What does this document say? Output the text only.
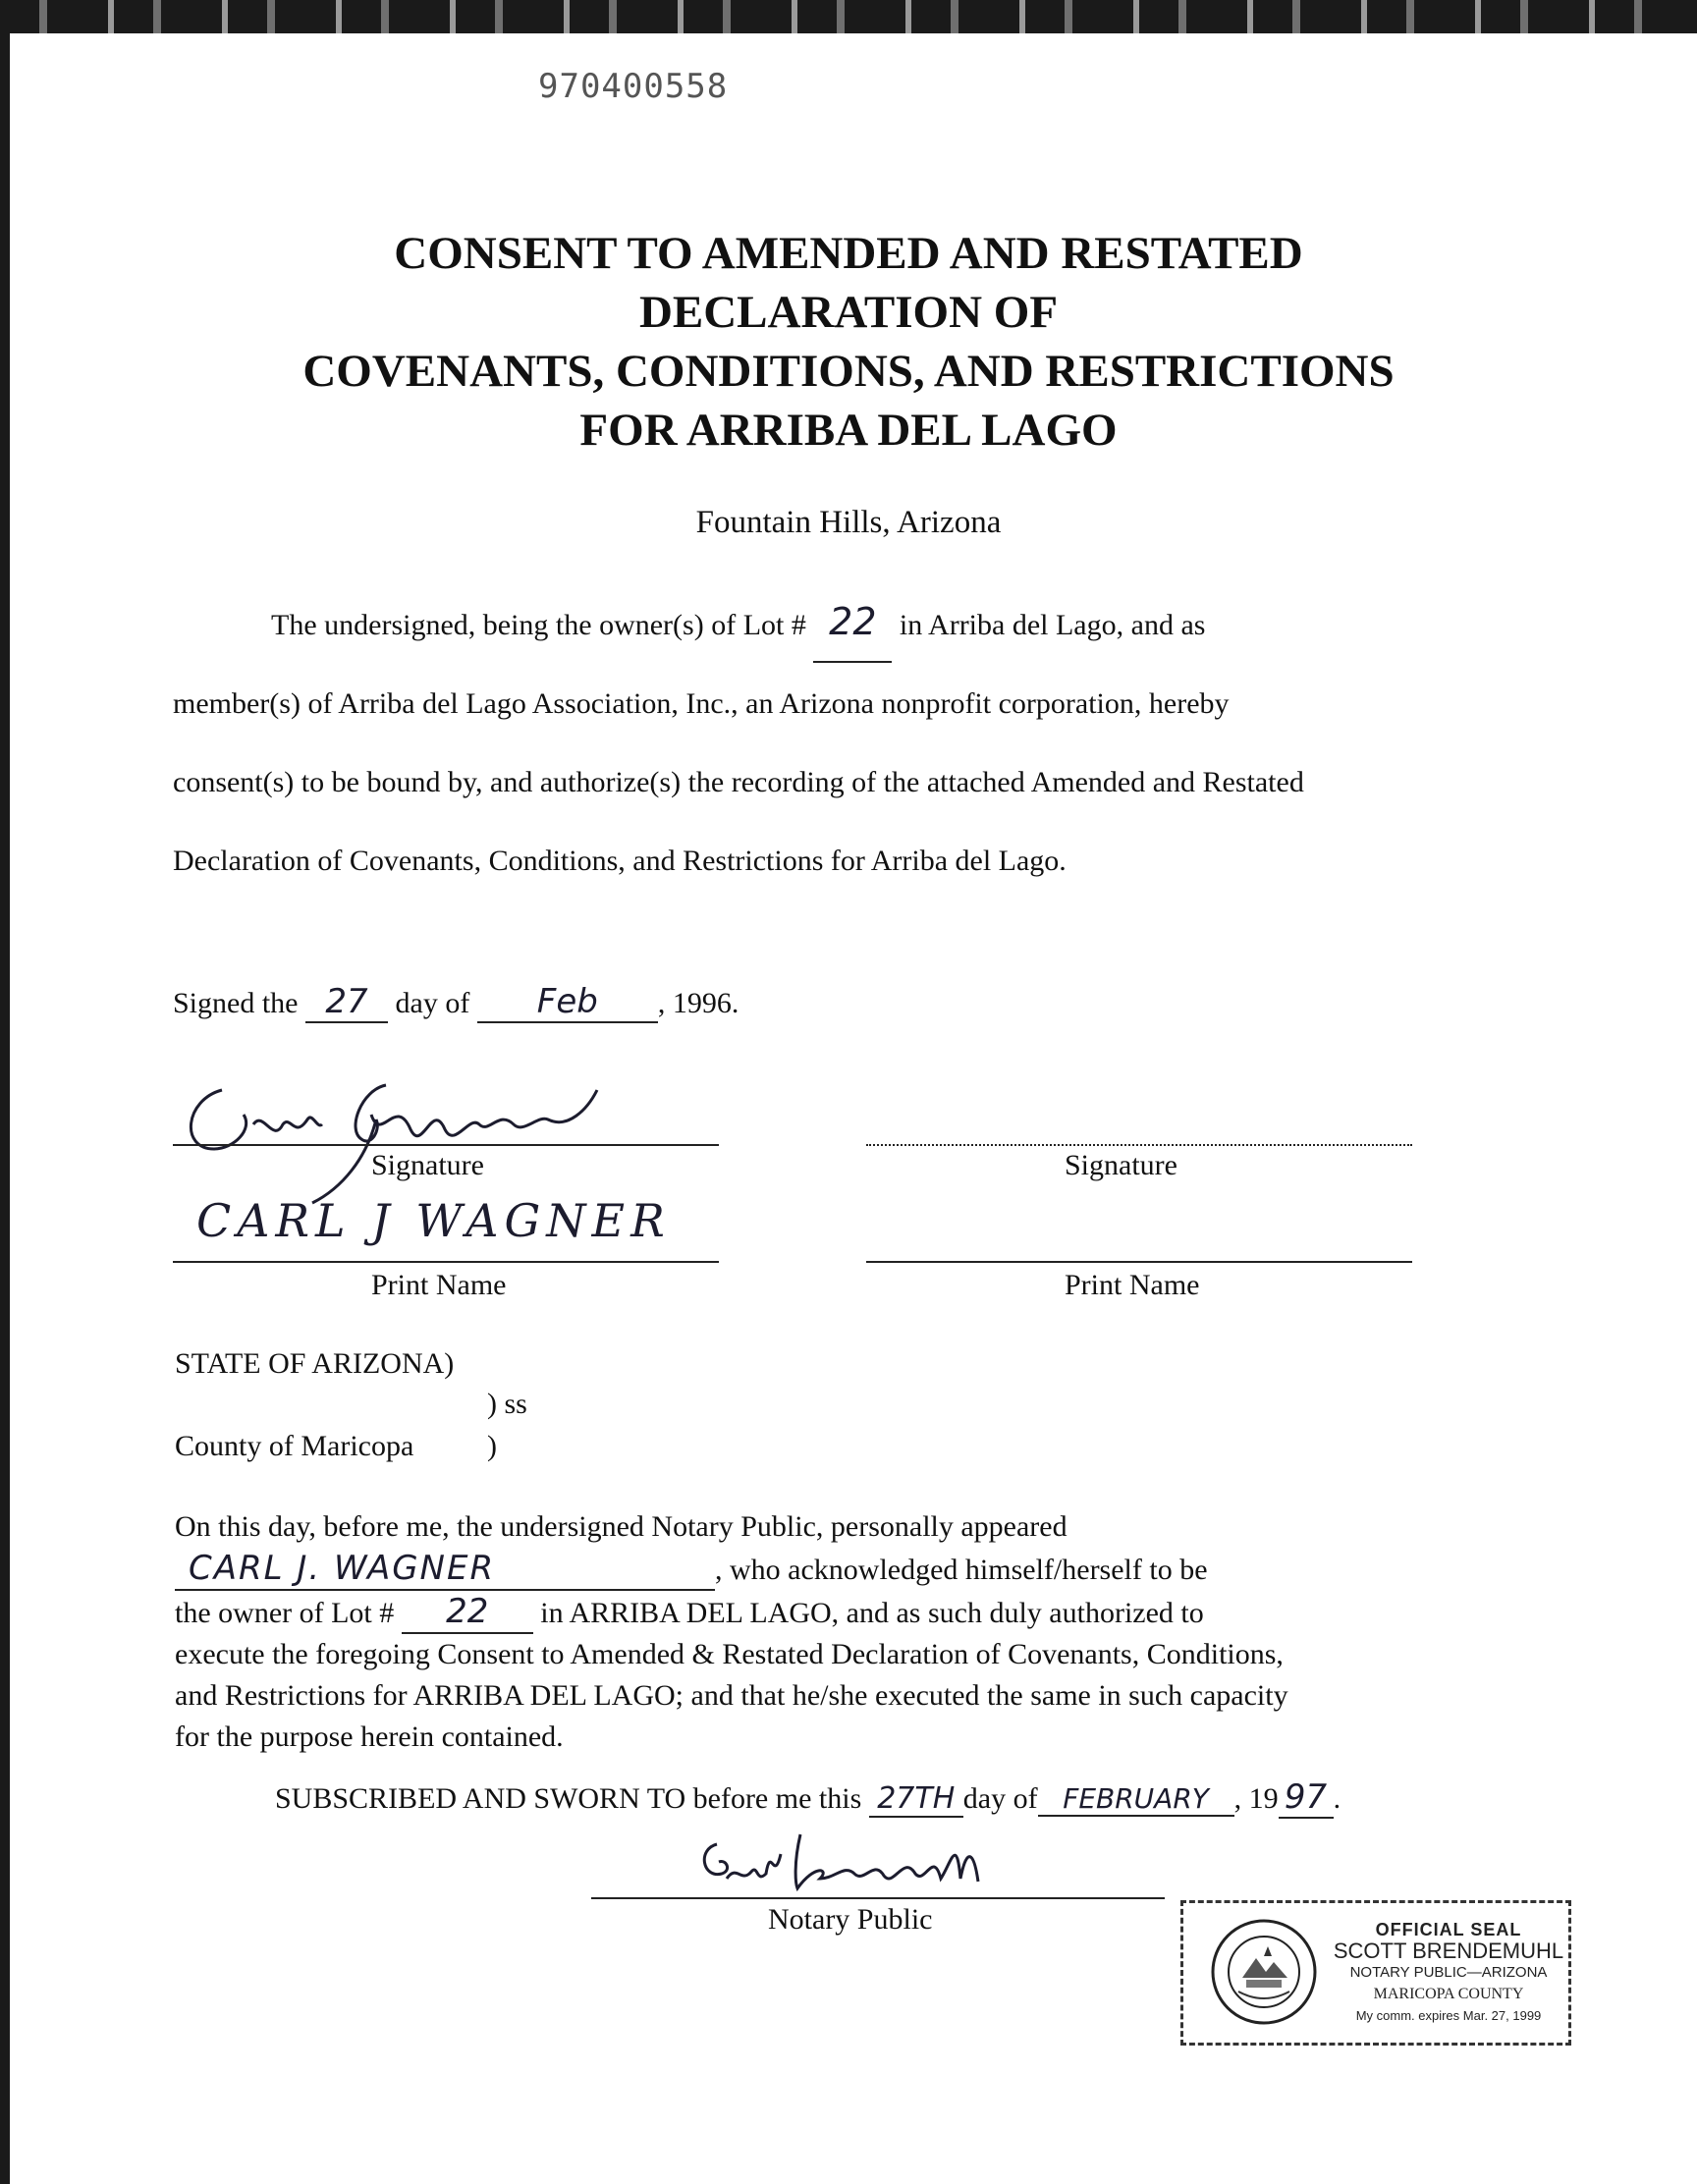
970400558
CONSENT TO AMENDED AND RESTATED
DECLARATION OF
COVENANTS, CONDITIONS, AND RESTRICTIONS
FOR ARRIBA DEL LAGO
Fountain Hills, Arizona
The undersigned, being the owner(s) of Lot # 22 in Arriba del Lago, and as
member(s) of Arriba del Lago Association, Inc., an Arizona nonprofit corporation, hereby
consent(s) to be bound by, and authorize(s) the recording of the attached Amended and Restated
Declaration of Covenants, Conditions, and Restrictions for Arriba del Lago.
Signed the 27 day of Feb , 1996.
Signature
CARL J WAGNER
Print Name
Signature
Print Name
STATE OF ARIZONA)
) ss
County of Maricopa )
On this day, before me, the undersigned Notary Public, personally appeared
CARL J. WAGNER	, who acknowledged himself/herself to be
the owner of Lot # 22 in ARRIBA DEL LAGO, and as such duly authorized to
execute the foregoing Consent to Amended & Restated Declaration of Covenants, Conditions,
and Restrictions for ARRIBA DEL LAGO; and that he/she executed the same in such capacity
for the purpose herein contained.
SUBSCRIBED AND SWORN TO before me this 27TH day of FEBRUARY , 19 97 .
Notary Public	OFFICIAL SEAL
SCOTT BRENDEMUHL
NOTARY PUBLIC—ARIZONA
MARICOPA COUNTY
My comm. expires Mar. 27, 1999
